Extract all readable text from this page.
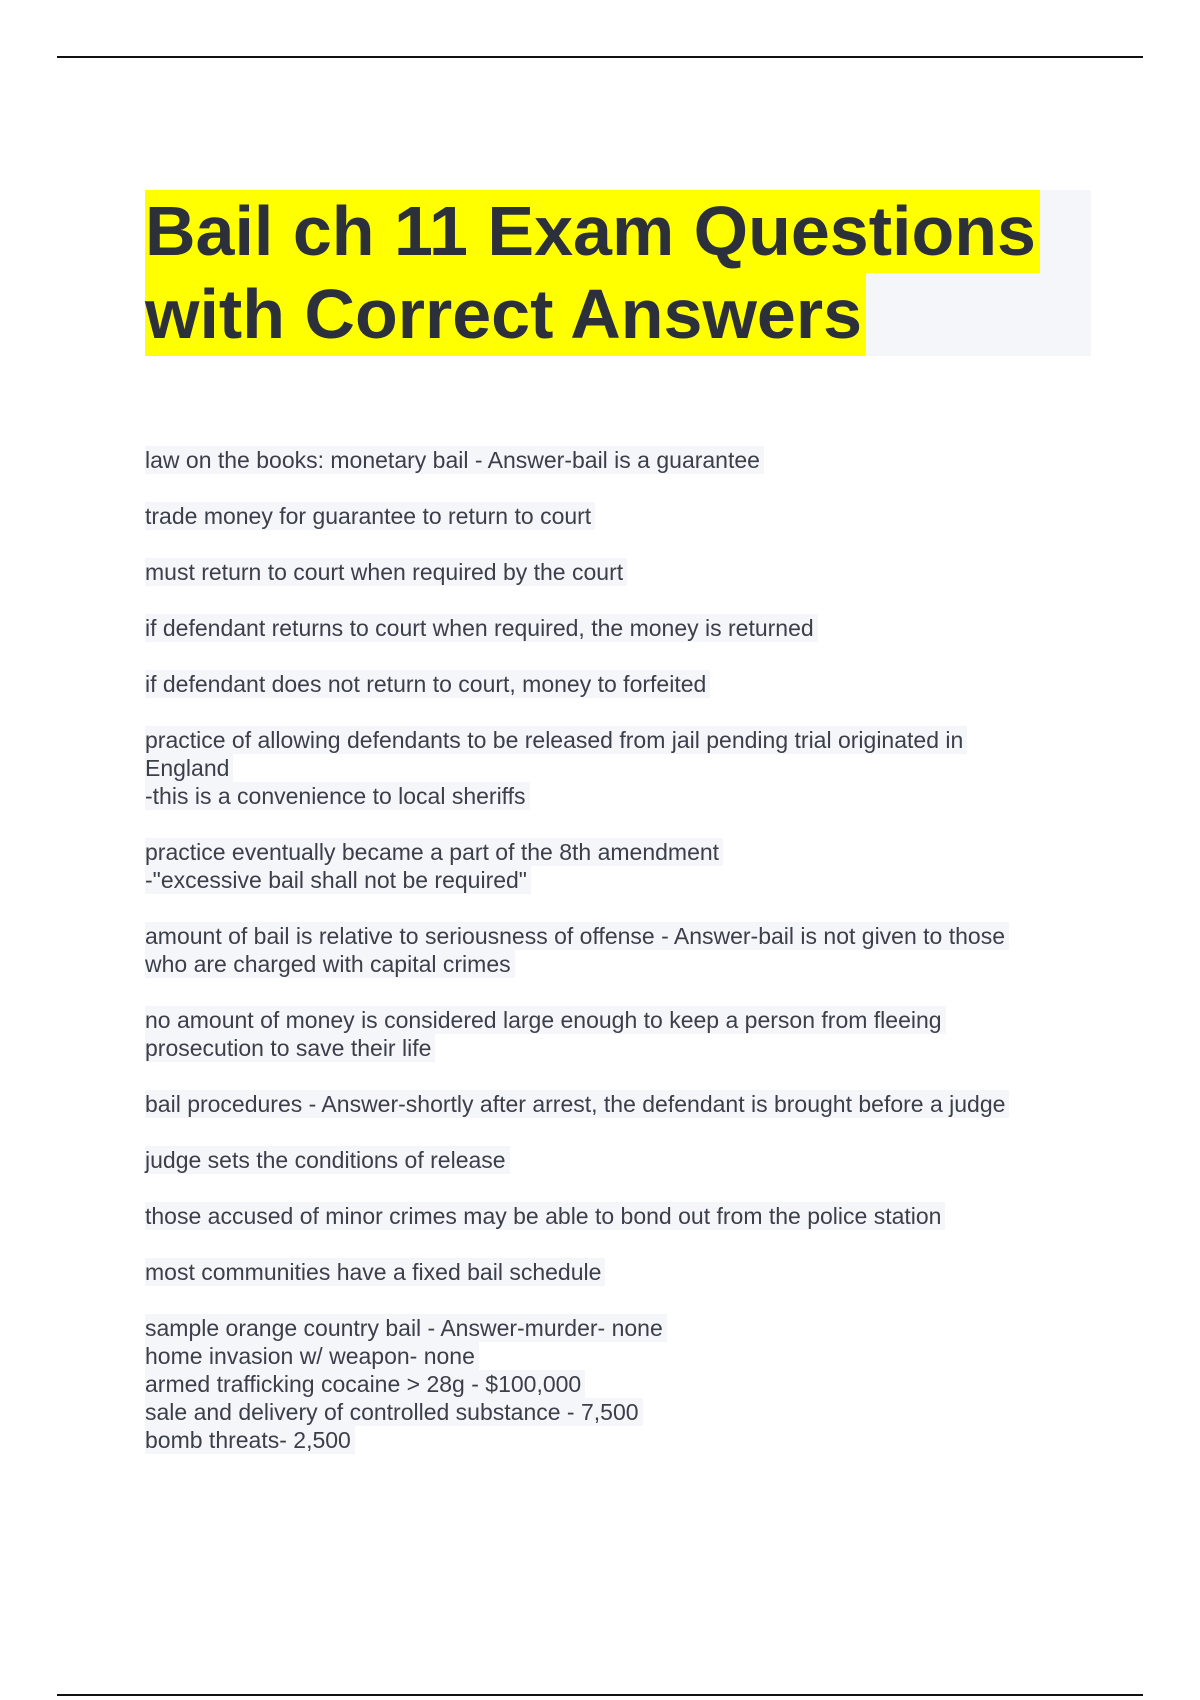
Bail ch 11 Exam Questions
with Correct Answers
law on the books: monetary bail - Answer-bail is a guarantee
trade money for guarantee to return to court
must return to court when required by the court
if defendant returns to court when required, the money is returned
if defendant does not return to court, money to forfeited
practice of allowing defendants to be released from jail pending trial originated in
England
-this is a convenience to local sheriffs
practice eventually became a part of the 8th amendment
-"excessive bail shall not be required"
amount of bail is relative to seriousness of offense - Answer-bail is not given to those
who are charged with capital crimes
no amount of money is considered large enough to keep a person from fleeing
prosecution to save their life
bail procedures - Answer-shortly after arrest, the defendant is brought before a judge
judge sets the conditions of release
those accused of minor crimes may be able to bond out from the police station
most communities have a fixed bail schedule
sample orange country bail - Answer-murder- none
home invasion w/ weapon- none
armed trafficking cocaine > 28g - $100,000
sale and delivery of controlled substance - 7,500
bomb threats- 2,500
